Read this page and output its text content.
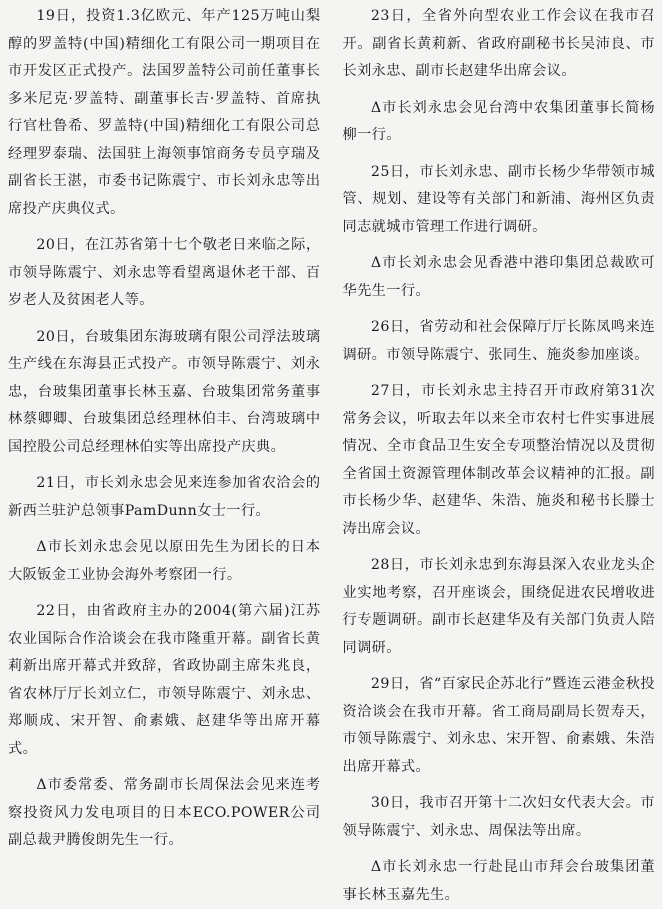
19日，投资1.3亿欧元、年产125万吨山梨醇的罗盖特(中国)精细化工有限公司一期项目在市开发区正式投产。法国罗盖特公司前任董事长多米尼克·罗盖特、副董事长吉·罗盖特、首席执行官杜鲁希、罗盖特(中国)精细化工有限公司总经理罗泰瑞、法国驻上海领事馆商务专员亨瑞及副省长王湛，市委书记陈震宁、市长刘永忠等出席投产庆典仪式。

20日，在江苏省第十七个敬老日来临之际，市领导陈震宁、刘永忠等看望离退休老干部、百岁老人及贫困老人等。

20日，台玻集团东海玻璃有限公司浮法玻璃生产线在东海县正式投产。市领导陈震宁、刘永忠，台玻集团董事长林玉嘉、台玻集团常务董事林蔡卿卿、台玻集团总经理林伯丰、台湾玻璃中国控股公司总经理林伯实等出席投产庆典。

21日，市长刘永忠会见来连参加省农洽会的新西兰驻沪总领事PamDunn女士一行。

Δ市长刘永忠会见以原田先生为团长的日本大阪钣金工业协会海外考察团一行。

22日，由省政府主办的2004(第六届)江苏农业国际合作洽谈会在我市隆重开幕。副省长黄莉新出席开幕式并致辞，省政协副主席朱兆良，省农林厅厅长刘立仁，市领导陈震宁、刘永忠、郑顺成、宋开智、俞素娥、赵建华等出席开幕式。

Δ市委常委、常务副市长周保法会见来连考察投资风力发电项目的日本ECO.POWER公司副总裁尹腾俊朗先生一行。

23日，全省外向型农业工作会议在我市召开。副省长黄莉新、省政府副秘书长吴沛良、市长刘永忠、副市长赵建华出席会议。

Δ市长刘永忠会见台湾中农集团董事长简杨柳一行。

25日，市长刘永忠、副市长杨少华带领市城管、规划、建设等有关部门和新浦、海州区负责同志就城市管理工作进行调研。

Δ市长刘永忠会见香港中港印集团总裁欧可华先生一行。

26日，省劳动和社会保障厅厅长陈凤鸣来连调研。市领导陈震宁、张同生、施炎参加座谈。

27日，市长刘永忠主持召开市政府第31次常务会议，听取去年以来全市农村七件实事进展情况、全市食品卫生安全专项整治情况以及贯彻全省国土资源管理体制改革会议精神的汇报。副市长杨少华、赵建华、朱浩、施炎和秘书长滕士涛出席会议。

28日，市长刘永忠到东海县深入农业龙头企业实地考察，召开座谈会，围绕促进农民增收进行专题调研。副市长赵建华及有关部门负责人陪同调研。

29日，省“百家民企苏北行”暨连云港金秋投资洽谈会在我市开幕。省工商局副局长贺寿天，市领导陈震宁、刘永忠、宋开智、俞素娥、朱浩出席开幕式。

30日，我市召开第十二次妇女代表大会。市领导陈震宁、刘永忠、周保法等出席。

Δ市长刘永忠一行赴昆山市拜会台玻集团董事长林玉嘉先生。
